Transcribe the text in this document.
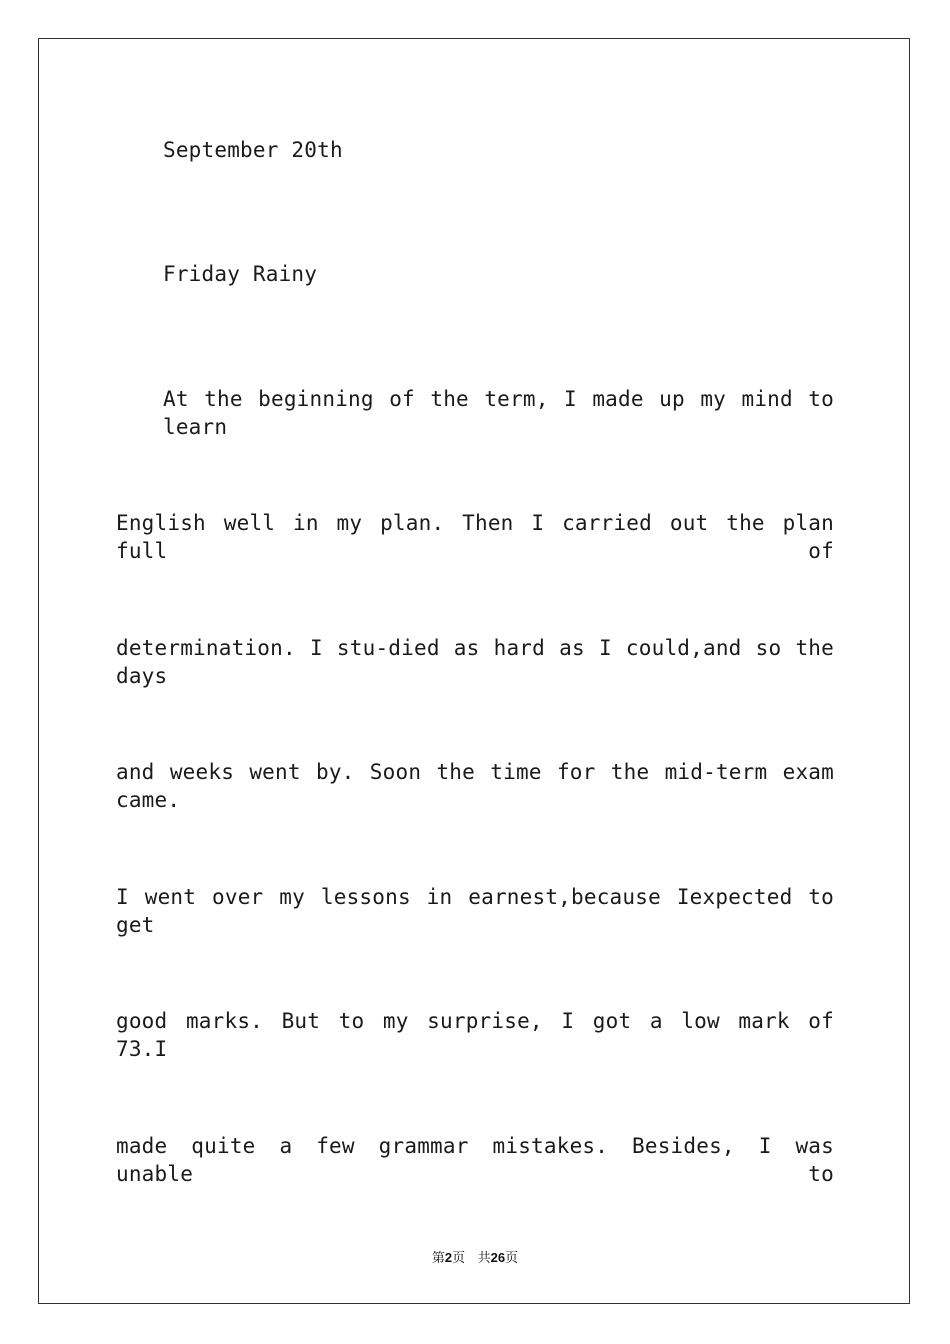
September 20th
Friday Rainy
At the beginning of the term, I made up my mind to learn
English well in my plan. Then I carried out the plan full of
determination. I stu-died as hard as I could,and so the days
and weeks went by. Soon the time for the mid-term exam came.
I went over my lessons in earnest,because Iexpected to get
good marks. But to my surprise, I got a low mark of 73.I
made quite a few grammar mistakes. Besides, I was unable to
第2页 共26页
